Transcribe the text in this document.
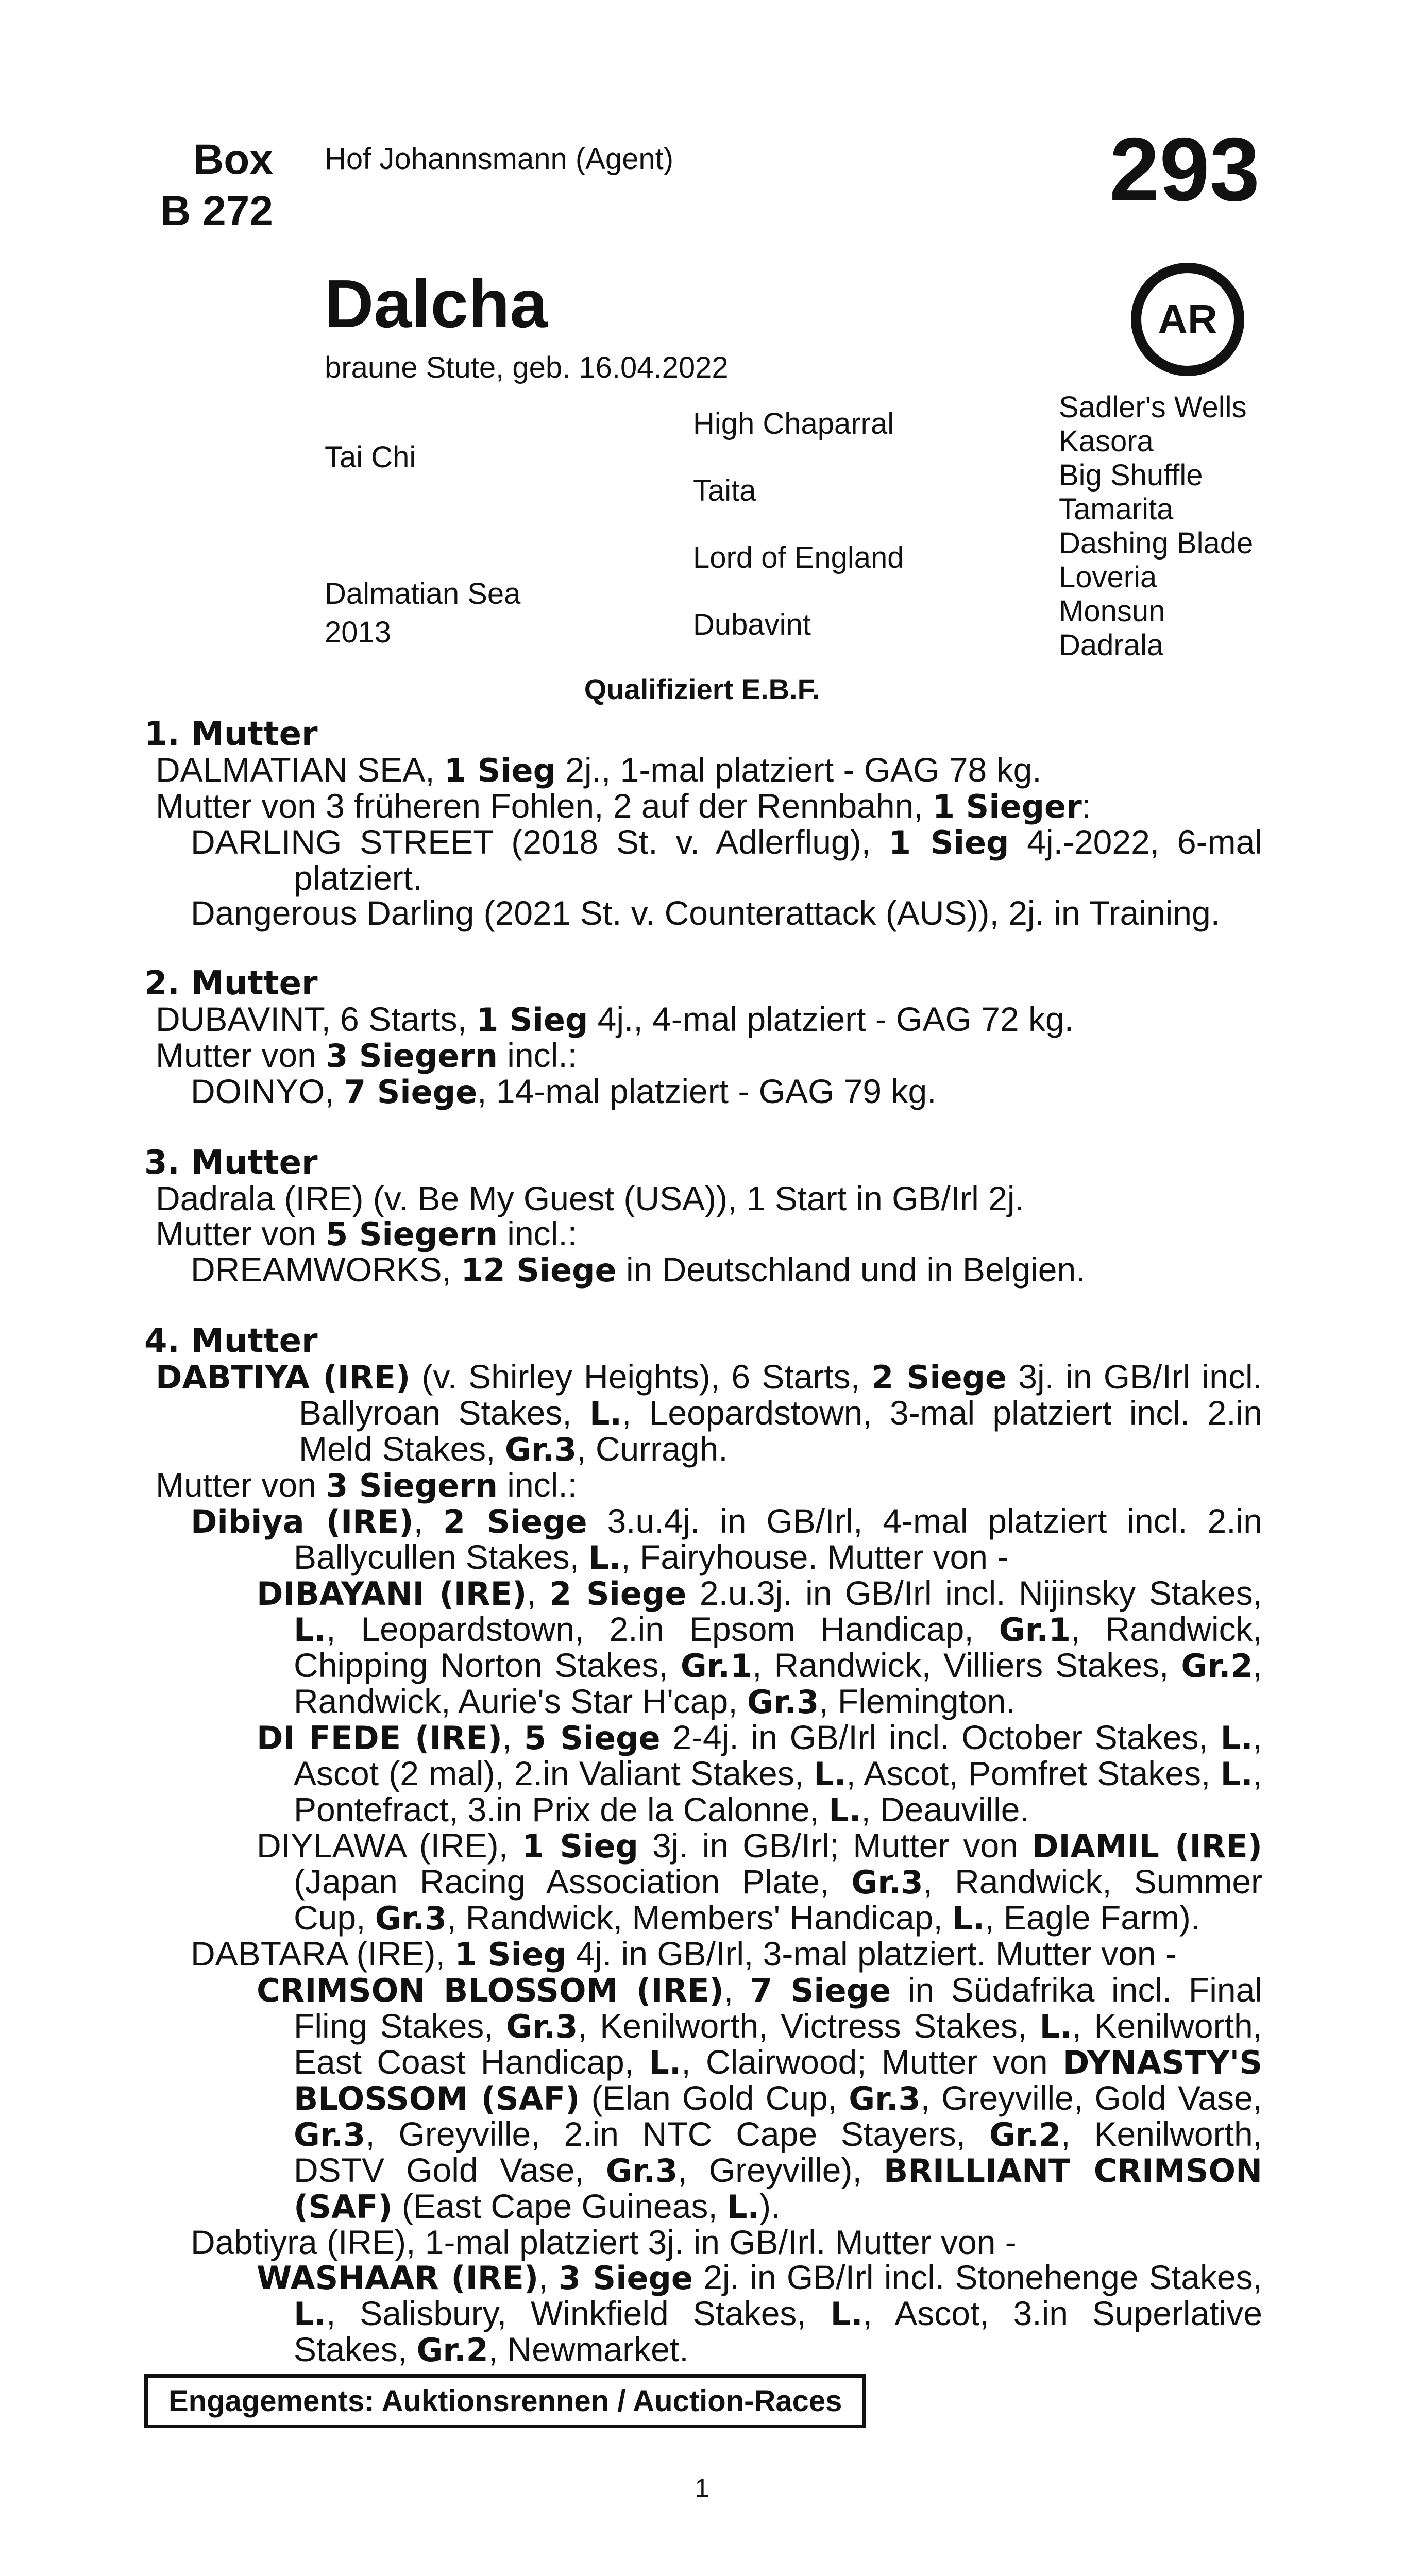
Box
B 272
Hof Johannsmann (Agent)	293
AR
Dalcha
braune Stute, geb. 16.04.2022
Tai Chi
Dalmatian Sea
2013
High Chaparral
Taita
Lord of England
Dubavint
Sadler's Wells
Kasora
Big Shuffle
Tamarita
Dashing Blade
Loveria
Monsun
Dadrala
Qualifiziert E.B.F.
1. Mutter

DALMATIAN SEA, 1 Sieg 2j., 1-mal platziert - GAG 78 kg.

Mutter von 3 früheren Fohlen, 2 auf der Rennbahn, 1 Sieger:

DARLING STREET (2018 St. v. Adlerflug), 1 Sieg 4j.-2022, 6-mal platziert.

Dangerous Darling (2021 St. v. Counterattack (AUS)), 2j. in Training.

2. Mutter

DUBAVINT, 6 Starts, 1 Sieg 4j., 4-mal platziert - GAG 72 kg.

Mutter von 3 Siegern incl.:

DOINYO, 7 Siege, 14-mal platziert - GAG 79 kg.

3. Mutter

Dadrala (IRE) (v. Be My Guest (USA)), 1 Start in GB/Irl 2j.

Mutter von 5 Siegern incl.:

DREAMWORKS, 12 Siege in Deutschland und in Belgien.

4. Mutter

DABTIYA (IRE) (v. Shirley Heights), 6 Starts, 2 Siege 3j. in GB/Irl incl. Ballyroan Stakes, L., Leopardstown, 3-mal platziert incl. 2.in Meld Stakes, Gr.3, Curragh.

Mutter von 3 Siegern incl.:

Dibiya (IRE), 2 Siege 3.u.4j. in GB/Irl, 4-mal platziert incl. 2.in Ballycullen Stakes, L., Fairyhouse. Mutter von -

DIBAYANI (IRE), 2 Siege 2.u.3j. in GB/Irl incl. Nijinsky Stakes, L., Leopardstown, 2.in Epsom Handicap, Gr.1, Randwick, Chipping Norton Stakes, Gr.1, Randwick, Villiers Stakes, Gr.2, Randwick, Aurie's Star H'cap, Gr.3, Flemington.

DI FEDE (IRE), 5 Siege 2-4j. in GB/Irl incl. October Stakes, L., Ascot (2 mal), 2.in Valiant Stakes, L., Ascot, Pomfret Stakes, L., Pontefract, 3.in Prix de la Calonne, L., Deauville.

DIYLAWA (IRE), 1 Sieg 3j. in GB/Irl; Mutter von DIAMIL (IRE) (Japan Racing Association Plate, Gr.3, Randwick, Summer Cup, Gr.3, Randwick, Members' Handicap, L., Eagle Farm).

DABTARA (IRE), 1 Sieg 4j. in GB/Irl, 3-mal platziert. Mutter von -

CRIMSON BLOSSOM (IRE), 7 Siege in Südafrika incl. Final Fling Stakes, Gr.3, Kenilworth, Victress Stakes, L., Kenilworth, East Coast Handicap, L., Clairwood; Mutter von DYNASTY'S BLOSSOM (SAF) (Elan Gold Cup, Gr.3, Greyville, Gold Vase, Gr.3, Greyville, 2.in NTC Cape Stayers, Gr.2, Kenilworth, DSTV Gold Vase, Gr.3, Greyville), BRILLIANT CRIMSON (SAF) (East Cape Guineas, L.).

Dabtiyra (IRE), 1-mal platziert 3j. in GB/Irl. Mutter von -

WASHAAR (IRE), 3 Siege 2j. in GB/Irl incl. Stonehenge Stakes, L., Salisbury, Winkfield Stakes, L., Ascot, 3.in Superlative Stakes, Gr.2, Newmarket.

Engagements: Auktionsrennen / Auction-Races
1
